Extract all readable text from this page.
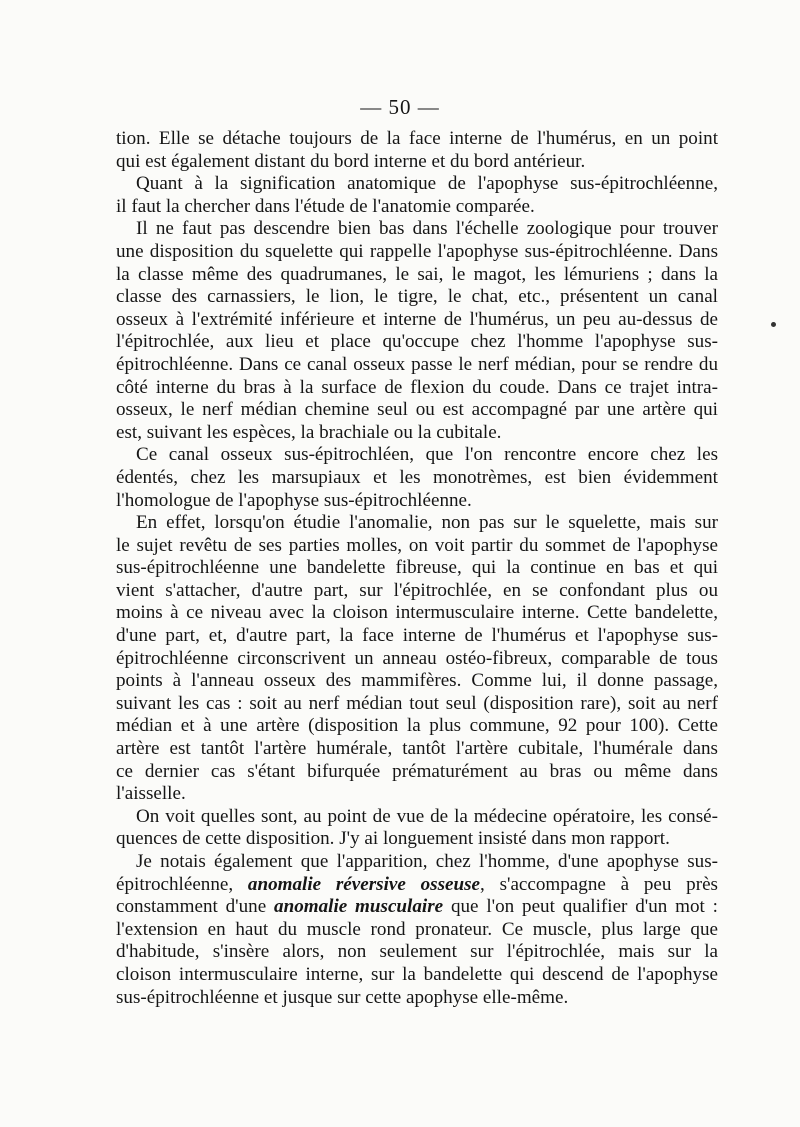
— 50 —
tion. Elle se détache toujours de la face interne de l'humérus, en un point
qui est également distant du bord interne et du bord antérieur.
Quant à la signification anatomique de l'apophyse sus-épitrochléenne,
il faut la chercher dans l'étude de l'anatomie comparée.
Il ne faut pas descendre bien bas dans l'échelle zoologique pour trouver
une disposition du squelette qui rappelle l'apophyse sus-épitrochléenne. Dans
la classe même des quadrumanes, le sai, le magot, les lémuriens ; dans la
classe des carnassiers, le lion, le tigre, le chat, etc., présentent un canal
osseux à l'extrémité inférieure et interne de l'humérus, un peu au-dessus de
l'épitrochlée, aux lieu et place qu'occupe chez l'homme l'apophyse sus-
épitrochléenne. Dans ce canal osseux passe le nerf médian, pour se rendre du
côté interne du bras à la surface de flexion du coude. Dans ce trajet intra-
osseux, le nerf médian chemine seul ou est accompagné par une artère qui
est, suivant les espèces, la brachiale ou la cubitale.
Ce canal osseux sus-épitrochléen, que l'on rencontre encore chez les
édentés, chez les marsupiaux et les monotrèmes, est bien évidemment
l'homologue de l'apophyse sus-épitrochléenne.
En effet, lorsqu'on étudie l'anomalie, non pas sur le squelette, mais sur
le sujet revêtu de ses parties molles, on voit partir du sommet de l'apophyse
sus-épitrochléenne une bandelette fibreuse, qui la continue en bas et qui
vient s'attacher, d'autre part, sur l'épitrochlée, en se confondant plus ou
moins à ce niveau avec la cloison intermusculaire interne. Cette bandelette,
d'une part, et, d'autre part, la face interne de l'humérus et l'apophyse sus-
épitrochléenne circonscrivent un anneau ostéo-fibreux, comparable de tous
points à l'anneau osseux des mammifères. Comme lui, il donne passage,
suivant les cas : soit au nerf médian tout seul (disposition rare), soit au nerf
médian et à une artère (disposition la plus commune, 92 pour 100). Cette
artère est tantôt l'artère humérale, tantôt l'artère cubitale, l'humérale dans
ce dernier cas s'étant bifurquée prématurément au bras ou même dans
l'aisselle.
On voit quelles sont, au point de vue de la médecine opératoire, les consé-
quences de cette disposition. J'y ai longuement insisté dans mon rapport.
Je notais également que l'apparition, chez l'homme, d'une apophyse sus-
épitrochléenne, anomalie réversive osseuse, s'accompagne à peu près
constamment d'une anomalie musculaire que l'on peut qualifier d'un mot :
l'extension en haut du muscle rond pronateur. Ce muscle, plus large que
d'habitude, s'insère alors, non seulement sur l'épitrochlée, mais sur la
cloison intermusculaire interne, sur la bandelette qui descend de l'apophyse
sus-épitrochléenne et jusque sur cette apophyse elle-même.
